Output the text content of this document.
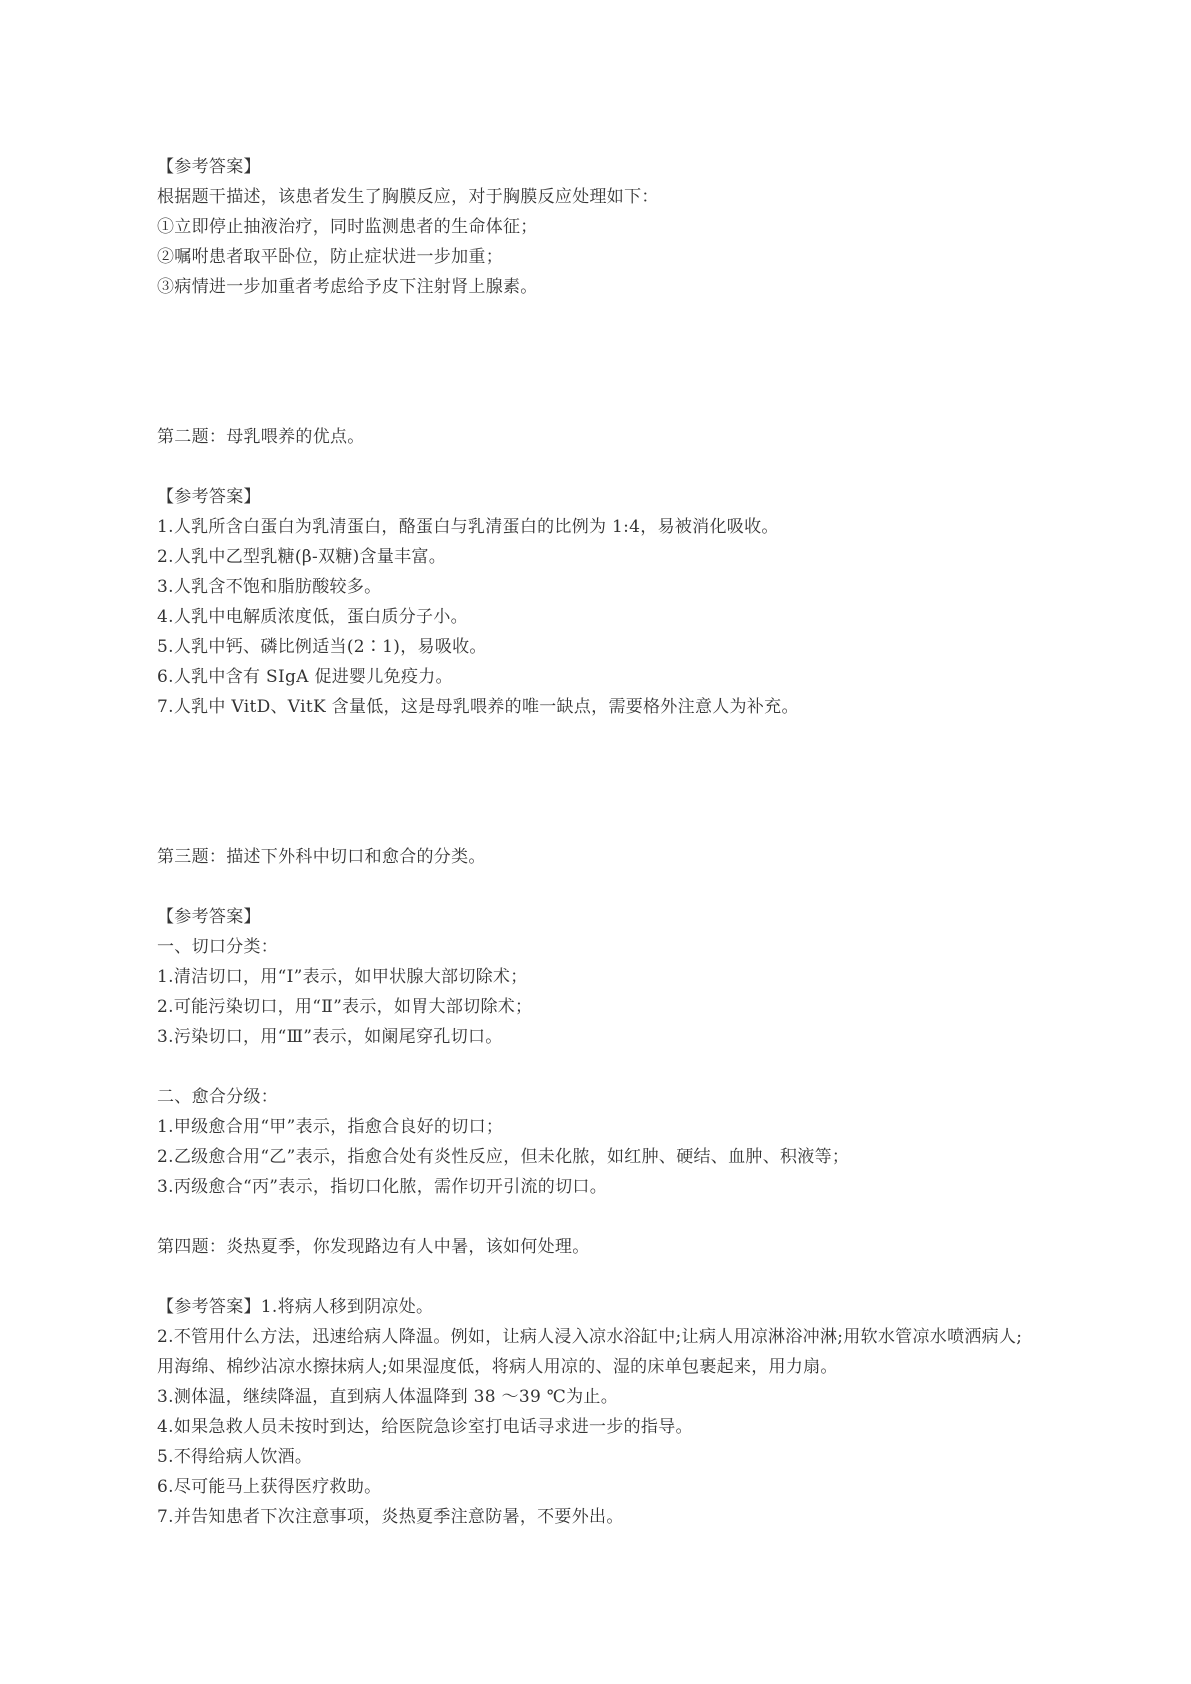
【参考答案】
根据题干描述，该患者发生了胸膜反应，对于胸膜反应处理如下：
①立即停止抽液治疗，同时监测患者的生命体征；
②嘱咐患者取平卧位，防止症状进一步加重；
③病情进一步加重者考虑给予皮下注射肾上腺素。
第二题：母乳喂养的优点。
【参考答案】
1.人乳所含白蛋白为乳清蛋白，酪蛋白与乳清蛋白的比例为 1:4，易被消化吸收。
2.人乳中乙型乳糖(β-双糖)含量丰富。
3.人乳含不饱和脂肪酸较多。
4.人乳中电解质浓度低，蛋白质分子小。
5.人乳中钙、磷比例适当(2∶1)，易吸收。
6.人乳中含有 SIgA 促进婴儿免疫力。
7.人乳中 VitD、VitK 含量低，这是母乳喂养的唯一缺点，需要格外注意人为补充。
第三题：描述下外科中切口和愈合的分类。
【参考答案】
一、切口分类：
1.清洁切口，用“Ⅰ”表示，如甲状腺大部切除术；
2.可能污染切口，用“Ⅱ”表示，如胃大部切除术；
3.污染切口，用“Ⅲ”表示，如阑尾穿孔切口。
二、愈合分级：
1.甲级愈合用“甲”表示，指愈合良好的切口；
2.乙级愈合用“乙”表示，指愈合处有炎性反应，但未化脓，如红肿、硬结、血肿、积液等；
3.丙级愈合“丙”表示，指切口化脓，需作切开引流的切口。
第四题：炎热夏季，你发现路边有人中暑，该如何处理。
【参考答案】1.将病人移到阴凉处。
2.不管用什么方法，迅速给病人降温。例如，让病人浸入凉水浴缸中;让病人用凉淋浴冲淋;用软水管凉水喷洒病人;
用海绵、棉纱沾凉水擦抹病人;如果湿度低，将病人用凉的、湿的床单包裹起来，用力扇。
3.测体温，继续降温，直到病人体温降到 38 ～39 ℃为止。
4.如果急救人员未按时到达，给医院急诊室打电话寻求进一步的指导。
5.不得给病人饮酒。
6.尽可能马上获得医疗救助。
7.并告知患者下次注意事项，炎热夏季注意防暑，不要外出。
